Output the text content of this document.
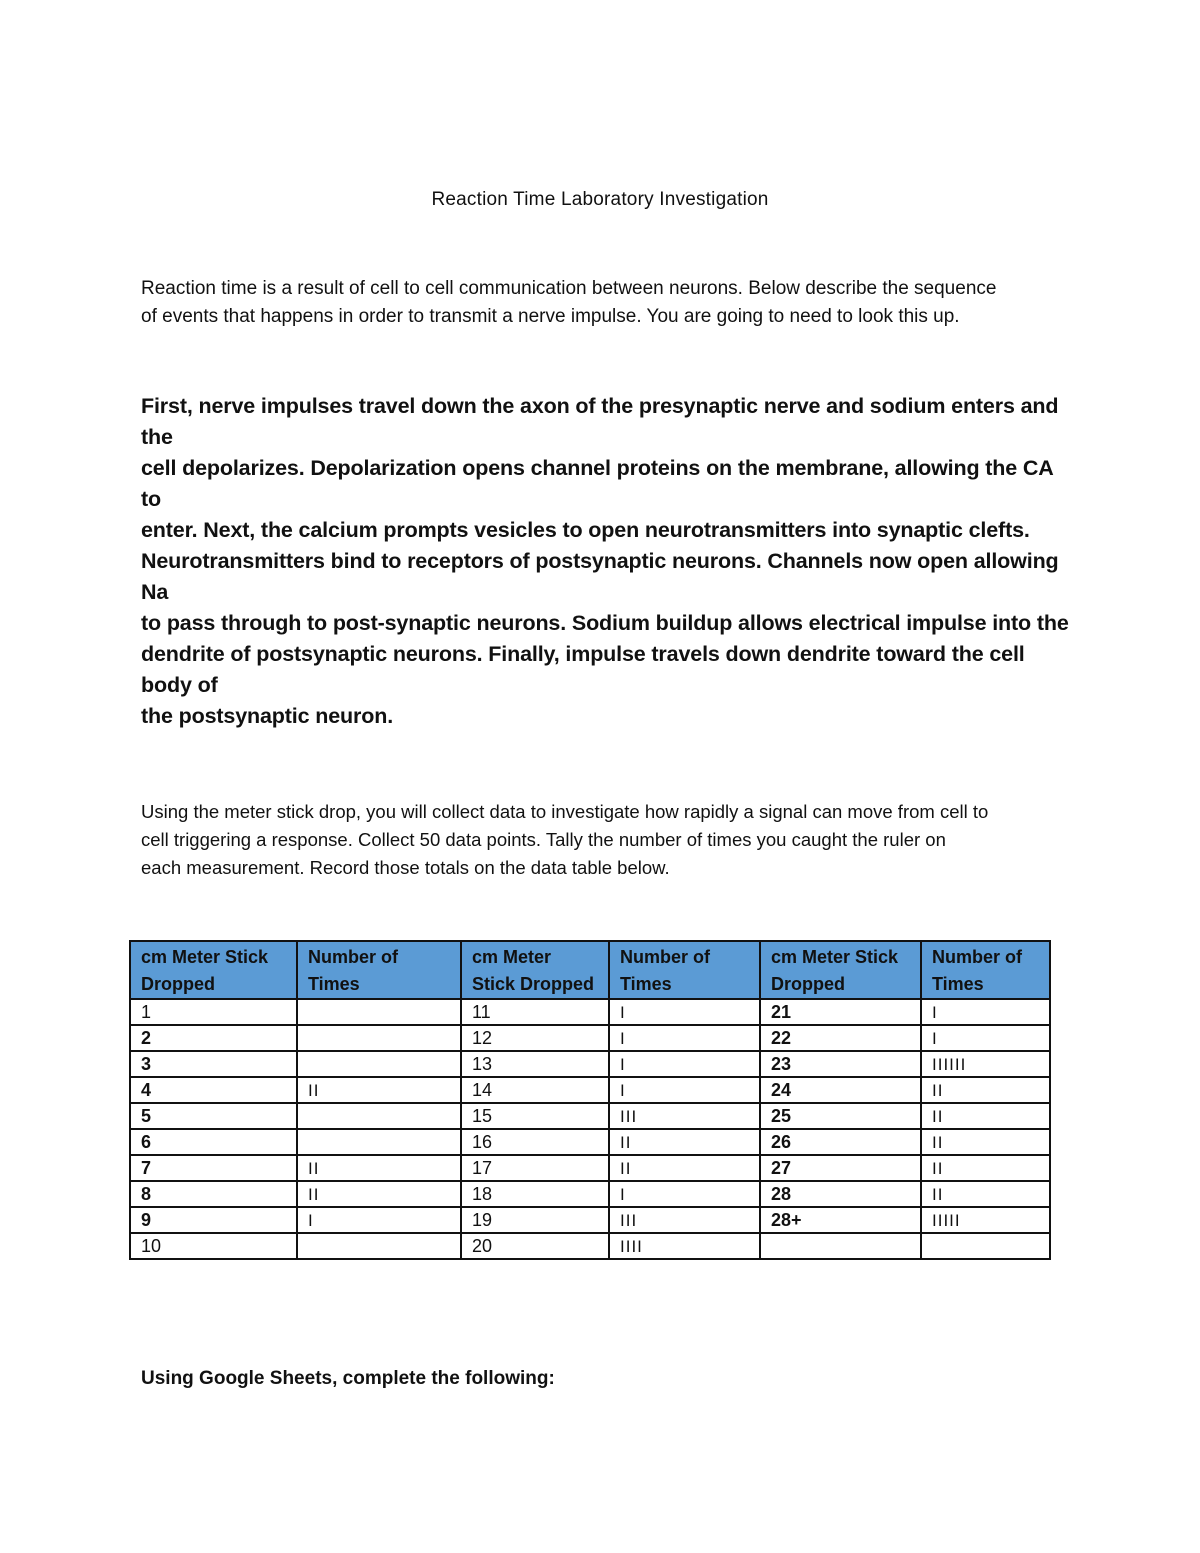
Reaction Time Laboratory Investigation

Reaction time is a result of cell to cell communication between neurons. Below describe the sequence

of events that happens in order to transmit a nerve impulse. You are going to need to look this up.

First, nerve impulses travel down the axon of the presynaptic nerve and sodium enters and the
cell depolarizes. Depolarization opens channel proteins on the membrane, allowing the CA to
enter. Next, the calcium prompts vesicles to open neurotransmitters into synaptic clefts.
Neurotransmitters bind to receptors of postsynaptic neurons. Channels now open allowing Na
to pass through to post-synaptic neurons. Sodium buildup allows electrical impulse into the
dendrite of postsynaptic neurons. Finally, impulse travels down dendrite toward the cell body of
the postsynaptic neuron.

Using the meter stick drop, you will collect data to investigate how rapidly a signal can move from cell to

cell triggering a response. Collect 50 data points. Tally the number of times you caught the ruler on

each measurement. Record those totals on the data table below.

cm Meter Stick Dropped	Number of Times	cm Meter Stick Dropped	Number of Times	cm Meter Stick Dropped	Number of Times
1		11	I	21	I
2		12	I	22	I
3		13	I	23	IIIIII
4	II	14	I	24	II
5		15	III	25	II
6		16	II	26	II
7	II	17	II	27	II
8	II	18	I	28	II
9	I	19	III	28+	IIIII
10		20	IIII		
Using Google Sheets, complete the following:
